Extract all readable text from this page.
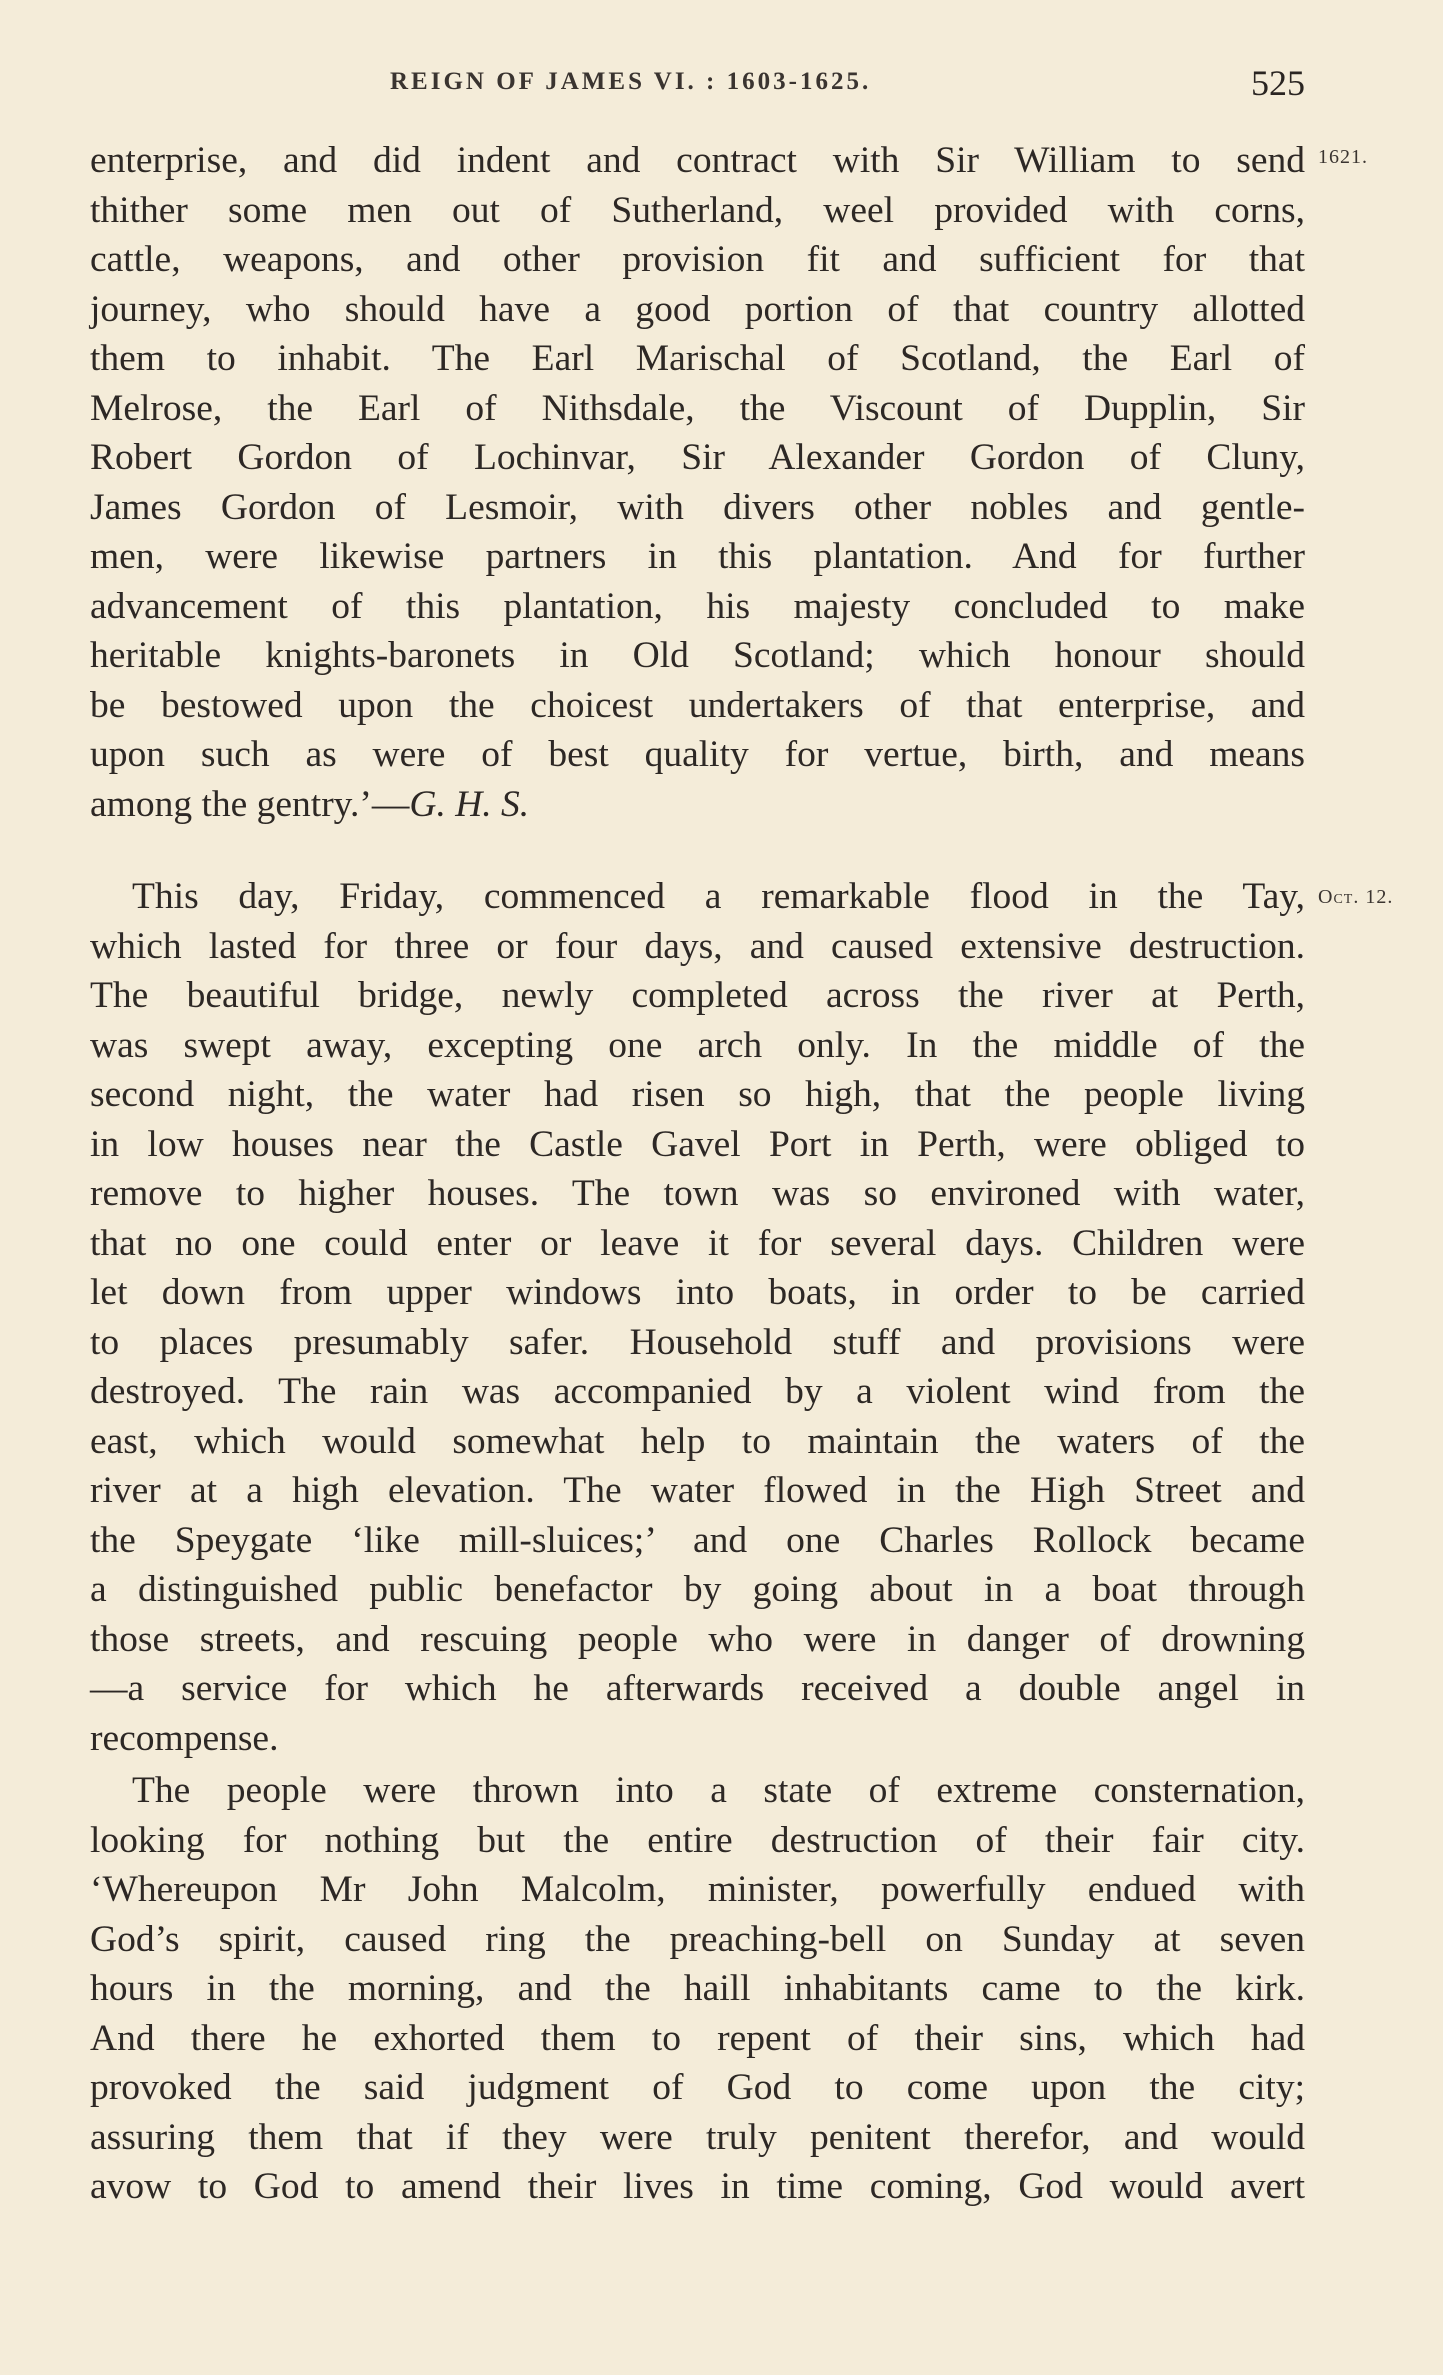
REIGN OF JAMES VI. : 1603-1625.	525
1621.
Oct. 12.
enterprise, and did indent and contract with Sir William to send
thither some men out of Sutherland, weel provided with corns,
cattle, weapons, and other provision fit and sufficient for that
journey, who should have a good portion of that country allotted
them to inhabit. The Earl Marischal of Scotland, the Earl of
Melrose, the Earl of Nithsdale, the Viscount of Dupplin, Sir
Robert Gordon of Lochinvar, Sir Alexander Gordon of Cluny,
James Gordon of Lesmoir, with divers other nobles and gentle-
men, were likewise partners in this plantation. And for further
advancement of this plantation, his majesty concluded to make
heritable knights-baronets in Old Scotland; which honour should
be bestowed upon the choicest undertakers of that enterprise, and
upon such as were of best quality for vertue, birth, and means
among the gentry.’—G. H. S.
This day, Friday, commenced a remarkable flood in the Tay,
which lasted for three or four days, and caused extensive destruction.
The beautiful bridge, newly completed across the river at Perth,
was swept away, excepting one arch only. In the middle of the
second night, the water had risen so high, that the people living
in low houses near the Castle Gavel Port in Perth, were obliged to
remove to higher houses. The town was so environed with water,
that no one could enter or leave it for several days. Children were
let down from upper windows into boats, in order to be carried
to places presumably safer. Household stuff and provisions were
destroyed. The rain was accompanied by a violent wind from the
east, which would somewhat help to maintain the waters of the
river at a high elevation. The water flowed in the High Street and
the Speygate ‘like mill-sluices;’ and one Charles Rollock became
a distinguished public benefactor by going about in a boat through
those streets, and rescuing people who were in danger of drowning
—a service for which he afterwards received a double angel in
recompense.
The people were thrown into a state of extreme consternation,
looking for nothing but the entire destruction of their fair city.
‘Whereupon Mr John Malcolm, minister, powerfully endued with
God’s spirit, caused ring the preaching-bell on Sunday at seven
hours in the morning, and the haill inhabitants came to the kirk.
And there he exhorted them to repent of their sins, which had
provoked the said judgment of God to come upon the city;
assuring them that if they were truly penitent therefor, and would
avow to God to amend their lives in time coming, God would avert
